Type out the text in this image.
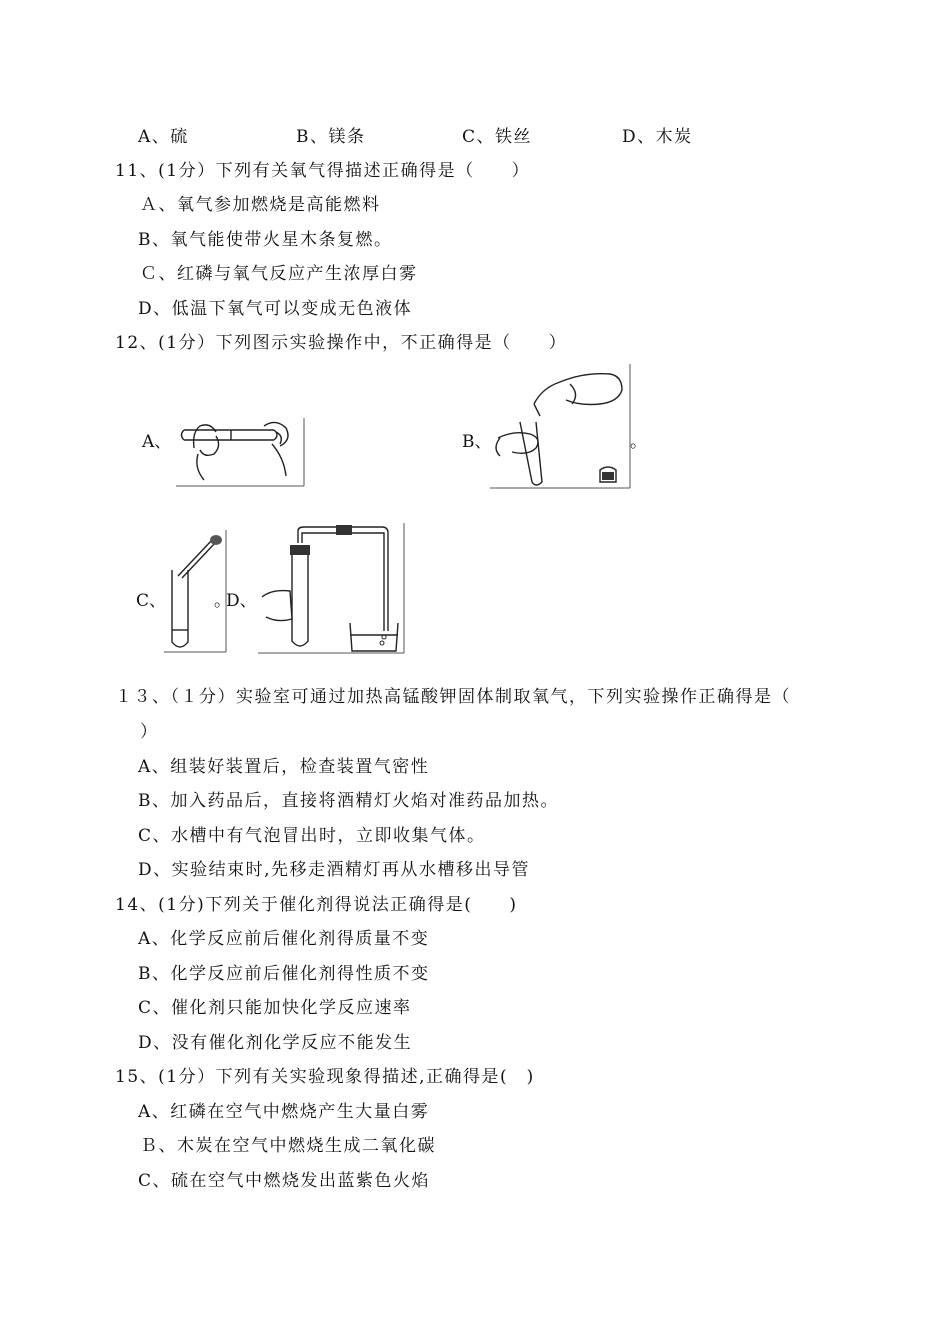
A、硫	B、镁条	C、铁丝	D、木炭
11、(1分）下列有关氧气得描述正确得是（　　）
Ａ、氧气参加燃烧是高能燃料
B、氧气能使带火星木条复燃。
Ｃ、红磷与氧气反应产生浓厚白雾
D、低温下氧气可以变成无色液体
12、(1分）下列图示实验操作中，不正确得是（　　）
A、	B、	。
C、	。
D、
１３、（１分）实验室可通过加热高锰酸钾固体制取氧气，下列实验操作正确得是（
）
A、组装好装置后，检查装置气密性
B、加入药品后，直接将酒精灯火焰对准药品加热。
C、水槽中有气泡冒出时，立即收集气体。
D、实验结束时,先移走酒精灯再从水槽移出导管
14、(1分)下列关于催化剂得说法正确得是(　　)
A、化学反应前后催化剂得质量不变
B、化学反应前后催化剂得性质不变
C、催化剂只能加快化学反应速率
D、没有催化剂化学反应不能发生
15、(1分）下列有关实验现象得描述,正确得是(　)
A、红磷在空气中燃烧产生大量白雾
Ｂ、木炭在空气中燃烧生成二氧化碳
C、硫在空气中燃烧发出蓝紫色火焰
